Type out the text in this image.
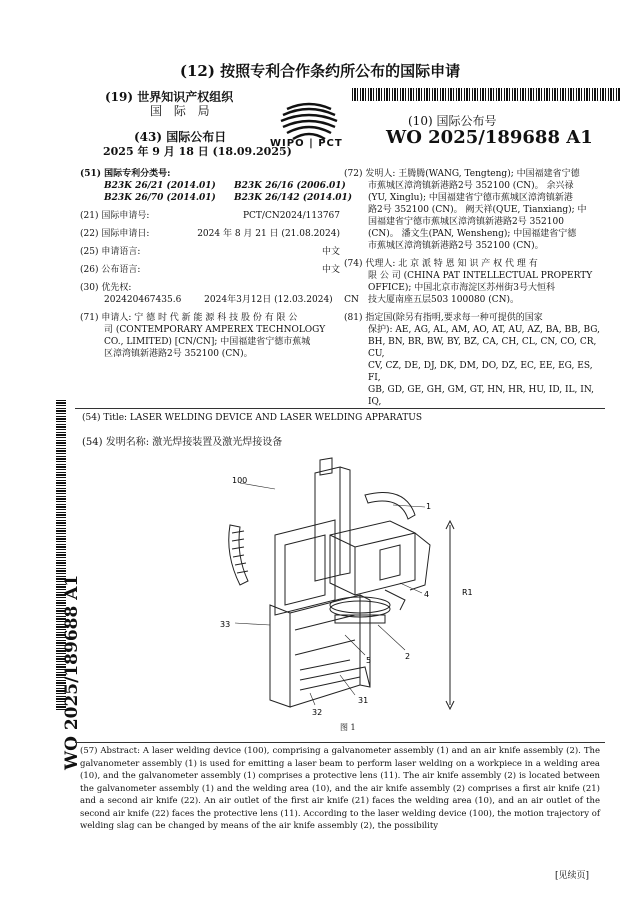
(12) 按照专利合作条约所公布的国际申请
(19) 世界知识产权组织
国 际 局
(43) 国际公布日
2025 年 9 月 18 日 (18.09.2025)
WIPO | PCT
(10) 国际公布号
WO 2025/189688 A1
(51) 国际专利分类号:
B23K 26/21 (2014.01)	B23K 26/16 (2006.01)
B23K 26/70 (2014.01)	B23K 26/142 (2014.01)
(21) 国际申请号:	PCT/CN2024/113767
(22) 国际申请日:	2024 年 8 月 21 日 (21.08.2024)
(25) 申请语言:	中文
(26) 公布语言:	中文
(30) 优先权:
202420467435.6        2024年3月12日 (12.03.2024)    CN
(71) 申请人: 宁 德 时 代 新 能 源 科 技 股 份 有 限 公
司 (CONTEMPORARY AMPEREX TECHNOLOGY
CO., LIMITED) [CN/CN]; 中国福建省宁德市蕉城
区漳湾镇新港路2号 352100 (CN)。
(72) 发明人: 王腾腾(WANG, Tengteng); 中国福建省宁德
市蕉城区漳湾镇新港路2号 352100 (CN)。 余兴禄
(YU, Xinglu); 中国福建省宁德市蕉城区漳湾镇新港
路2号 352100 (CN)。 阙天祥(QUE, Tianxiang); 中
国福建省宁德市蕉城区漳湾镇新港路2号 352100
(CN)。 潘文生(PAN, Wensheng); 中国福建省宁德
市蕉城区漳湾镇新港路2号 352100 (CN)。
(74) 代理人: 北 京 派 特 恩 知 识 产 权 代 理 有
限 公 司 (CHINA PAT INTELLECTUAL PROPERTY
OFFICE); 中国北京市海淀区苏州街3号大恒科
技大厦南座五层503 100080 (CN)。
(81) 指定国(除另有指明,要求每一种可提供的国家
保护): AE, AG, AL, AM, AO, AT, AU, AZ, BA, BB, BG,
BH, BN, BR, BW, BY, BZ, CA, CH, CL, CN, CO, CR, CU,
CV, CZ, DE, DJ, DK, DM, DO, DZ, EC, EE, EG, ES, FI,
GB, GD, GE, GH, GM, GT, HN, HR, HU, ID, IL, IN, IQ,
(54) Title: LASER WELDING DEVICE AND LASER WELDING APPARATUS
(54) 发明名称: 激光焊接装置及激光焊接设备
WO 2025/189688 A1
100
1
4
2
5
33
31
32
R1
图 1
(57) Abstract: A laser welding device (100), comprising a galvanometer assembly (1) and an air knife assembly (2). The galvanometer assembly (1) is used for emitting a laser beam to perform laser welding on a workpiece in a welding area (10), and the galvanometer assembly (1) comprises a protective lens (11). The air knife assembly (2) is located between the galvanometer assembly (1) and the welding area (10), and the air knife assembly (2) comprises a first air knife (21) and a second air knife (22). An air outlet of the first air knife (21) faces the welding area (10), and an air outlet of the second air knife (22) faces the protective lens (11). According to the laser welding device (100), the motion trajectory of welding slag can be changed by means of the air knife assembly (2), the possibility
[见续页]
